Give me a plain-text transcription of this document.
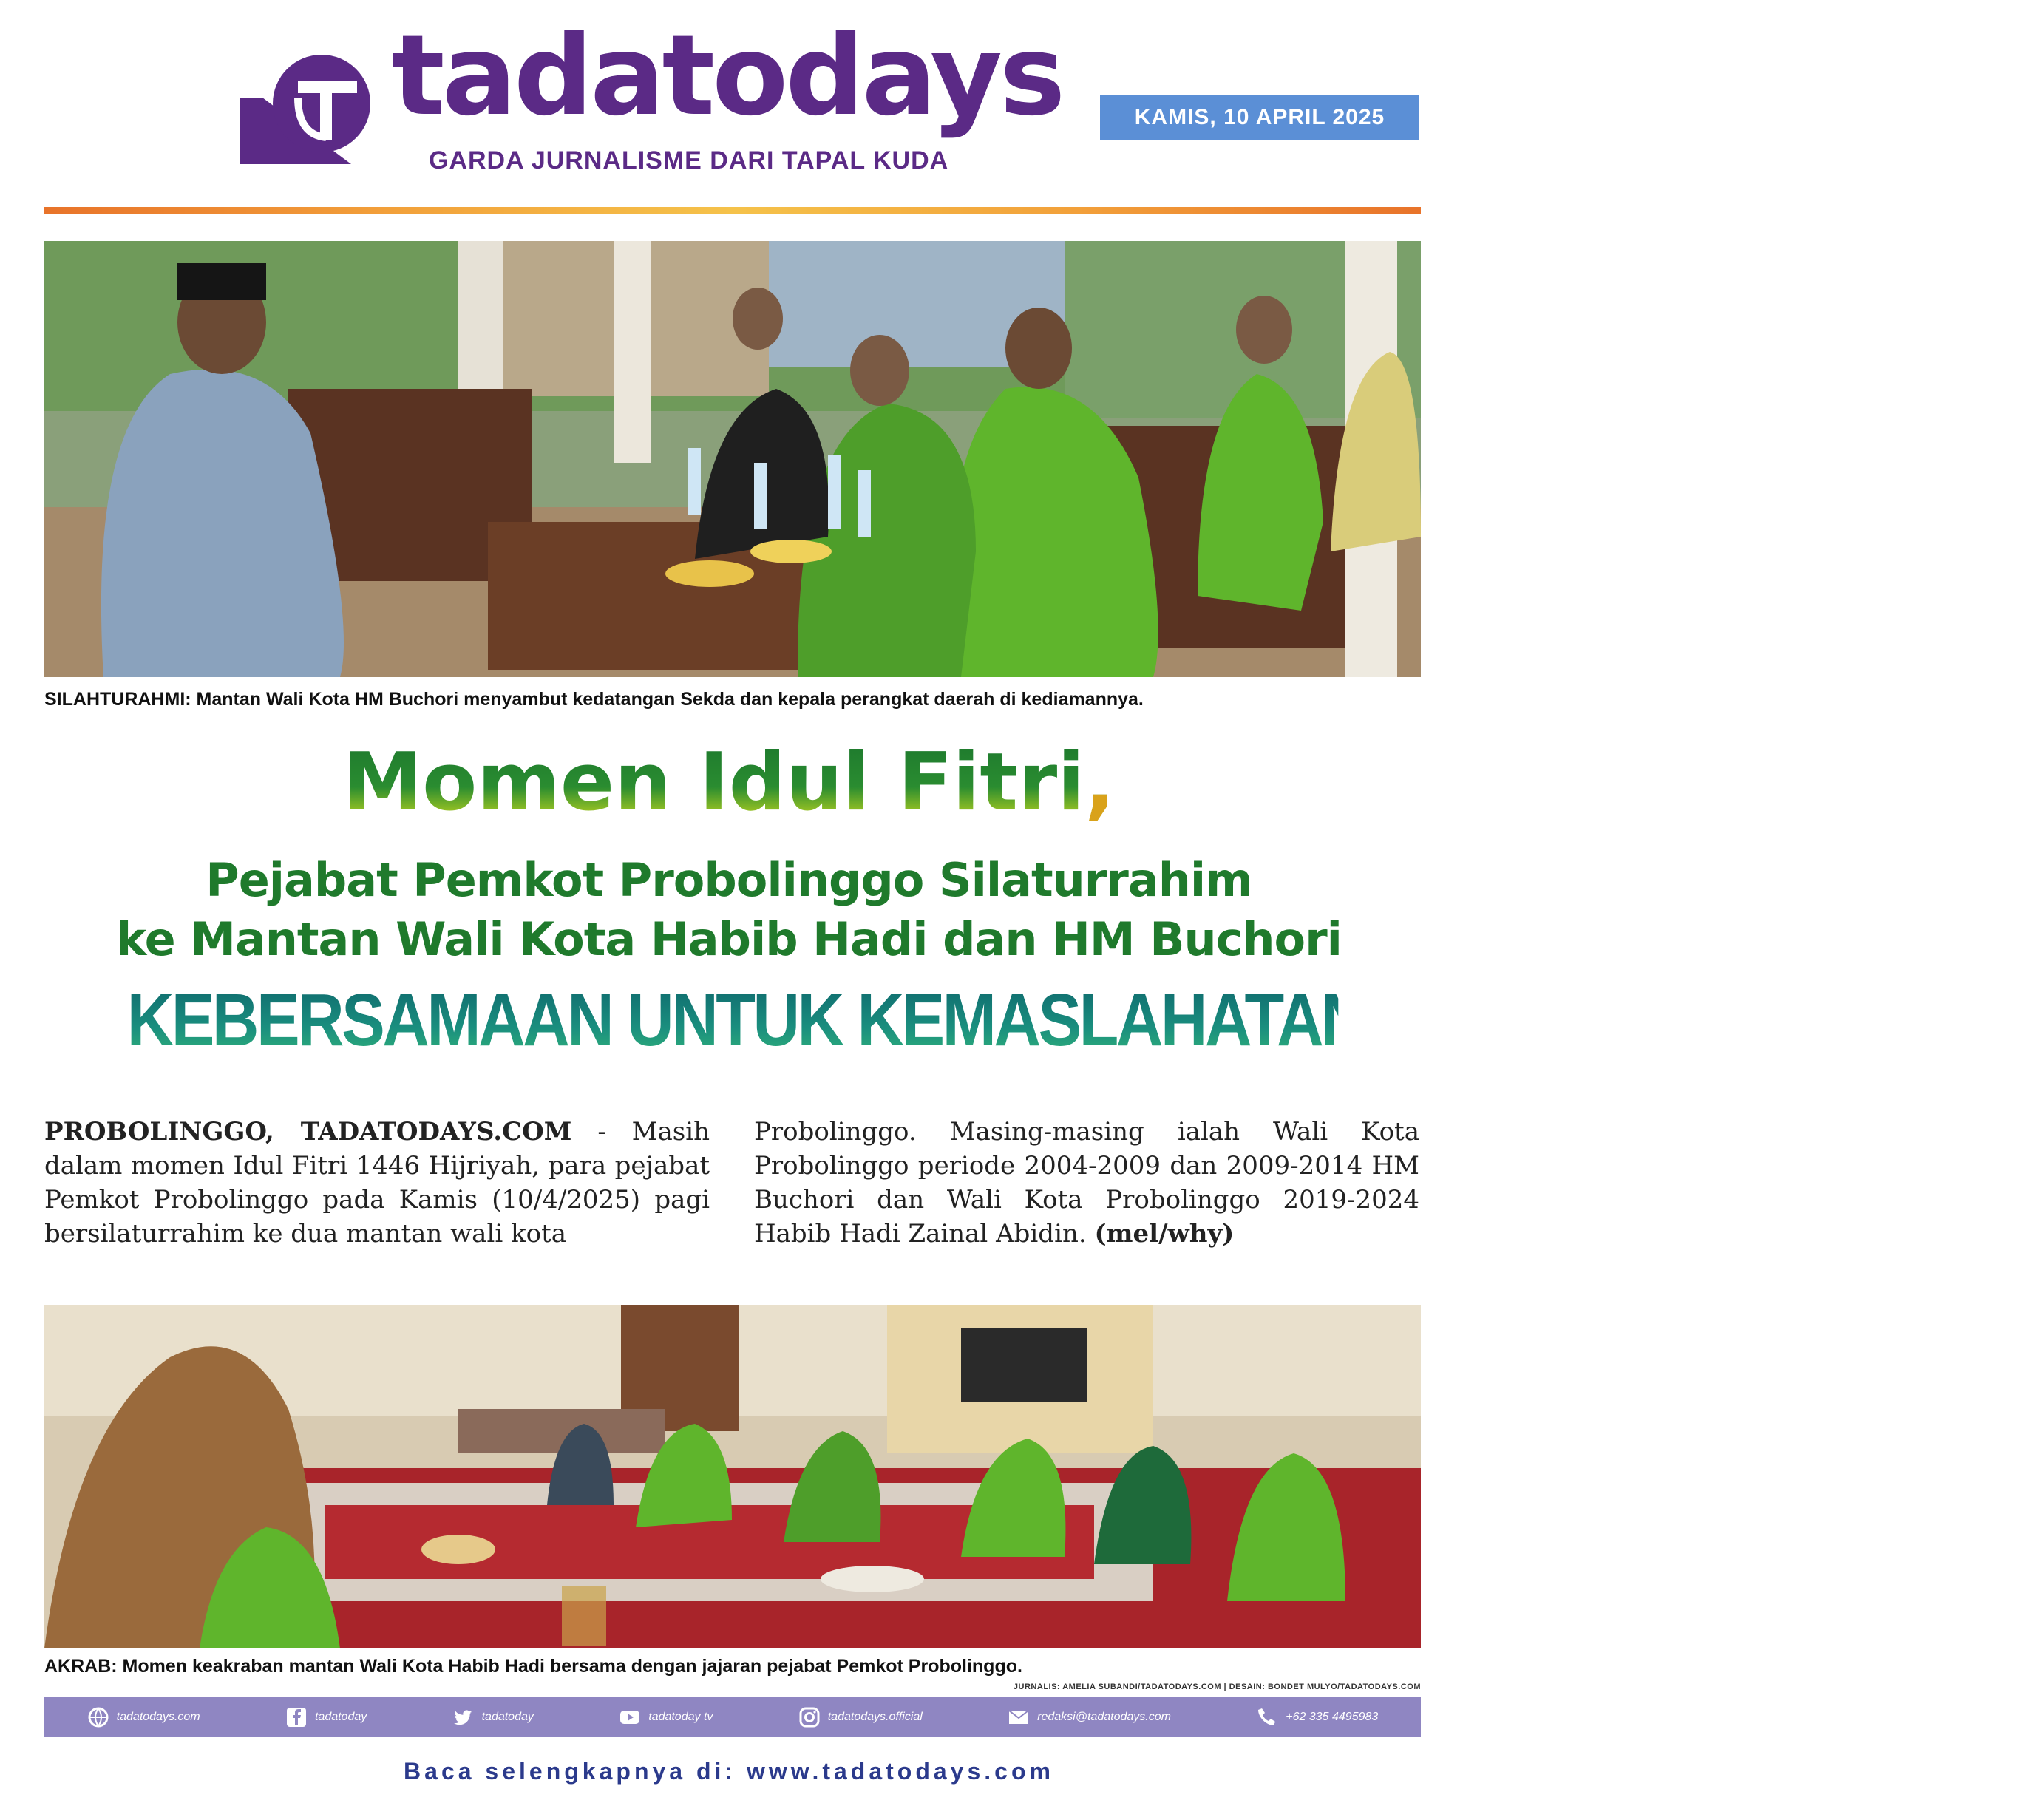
tadatodays
GARDA JURNALISME DARI TAPAL KUDA
KAMIS, 10 APRIL 2025
SILAHTURAHMI: Mantan Wali Kota HM Buchori menyambut kedatangan Sekda dan kepala perangkat daerah di kediamannya.
Momen Idul Fitri,
Pejabat Pemkot Probolinggo Silaturrahim
ke Mantan Wali Kota Habib Hadi dan HM Buchori
KEBERSAMAAN UNTUK KEMASLAHATAN KOTA PROBOLINGGO
PROBOLINGGO, TADATODAYS.COM - Masih dalam momen Idul Fitri 1446 Hijriyah, para pejabat Pemkot Probolinggo pada Kamis (10/4/2025) pagi bersilaturrahim ke dua mantan wali kota
Probolinggo. Masing-masing ialah Wali Kota Probolinggo periode 2004-2009 dan 2009-2014 HM Buchori dan Wali Kota Probolinggo 2019-2024 Habib Hadi Zainal Abidin. (mel/why)
AKRAB: Momen keakraban mantan Wali Kota Habib Hadi bersama dengan jajaran pejabat Pemkot Probolinggo.
JURNALIS: AMELIA SUBANDI/TADATODAYS.COM | DESAIN: BONDET MULYO/TADATODAYS.COM
tadatodays.com	tadatoday	tadatoday	tadatoday tv	tadatodays.official	redaksi@tadatodays.com	+62 335 4495983
Baca selengkapnya di: www.tadatodays.com
